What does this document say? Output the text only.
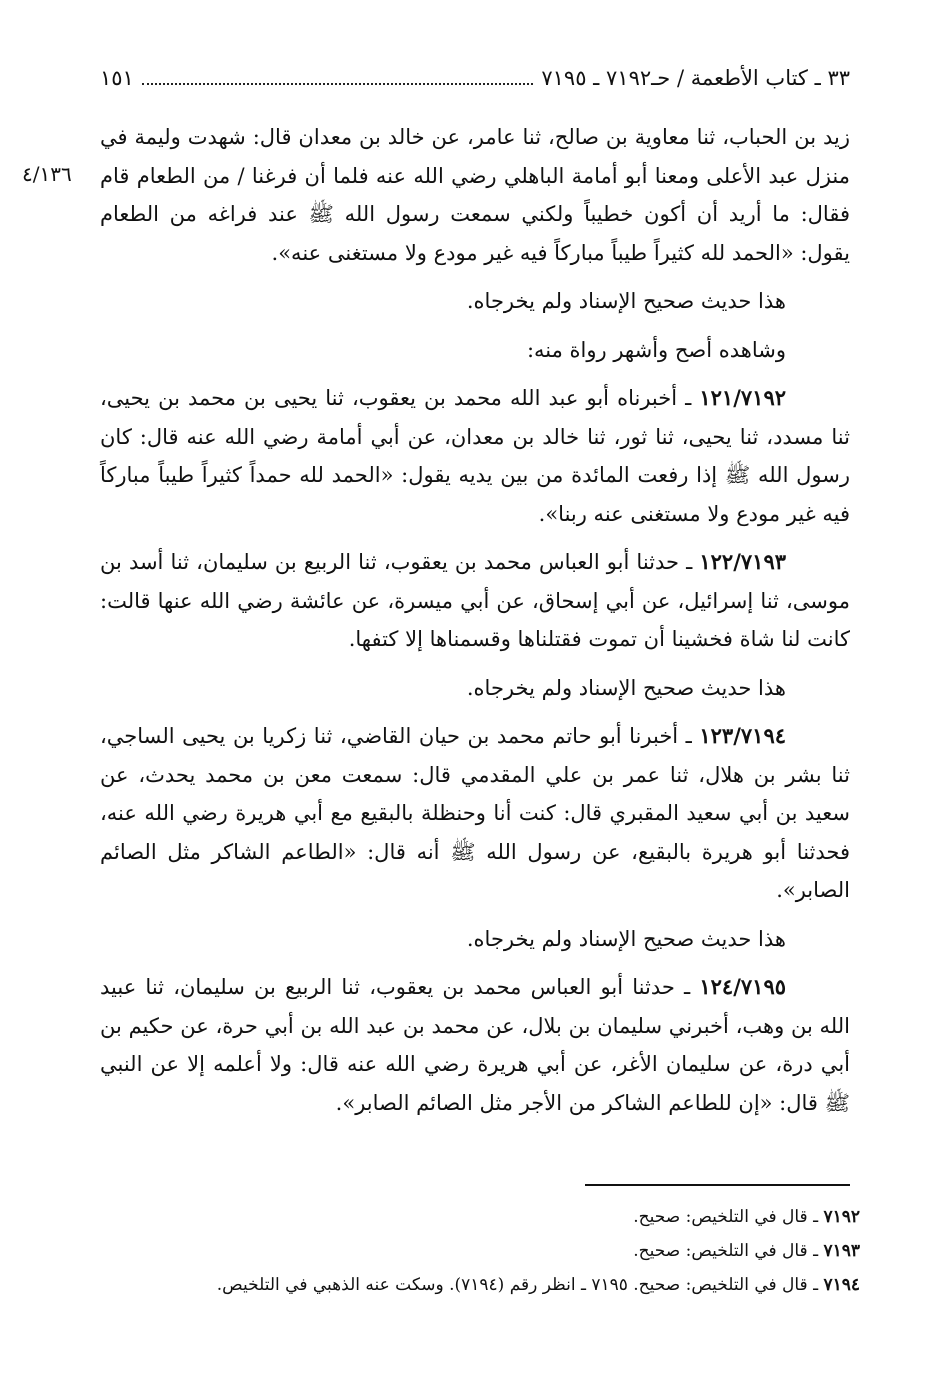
٣٣ ـ كتاب الأطعمة / حـ٧١٩٢ ـ ٧١٩٥
١٥١
٤/١٣٦

زيد بن الحباب، ثنا معاوية بن صالح، ثنا عامر، عن خالد بن معدان قال: شهدت وليمة في منزل عبد الأعلى ومعنا أبو أمامة الباهلي رضي الله عنه فلما أن فرغنا / من الطعام قام فقال: ما أريد أن أكون خطيباً ولكني سمعت رسول الله ﷺ عند فراغه من الطعام يقول: «الحمد لله كثيراً طيباً مباركاً فيه غير مودع ولا مستغنى عنه».

هذا حديث صحيح الإسناد ولم يخرجاه.

وشاهده أصح وأشهر رواة منه:

١٢١/٧١٩٢ ـ أخبرناه أبو عبد الله محمد بن يعقوب، ثنا يحيى بن محمد بن يحيى، ثنا مسدد، ثنا يحيى، ثنا ثور، ثنا خالد بن معدان، عن أبي أمامة رضي الله عنه قال: كان رسول الله ﷺ إذا رفعت المائدة من بين يديه يقول: «الحمد لله حمداً كثيراً طيباً مباركاً فيه غير مودع ولا مستغنى عنه ربنا».

١٢٢/٧١٩٣ ـ حدثنا أبو العباس محمد بن يعقوب، ثنا الربيع بن سليمان، ثنا أسد بن موسى، ثنا إسرائيل، عن أبي إسحاق، عن أبي ميسرة، عن عائشة رضي الله عنها قالت: كانت لنا شاة فخشينا أن تموت فقتلناها وقسمناها إلا كتفها.

هذا حديث صحيح الإسناد ولم يخرجاه.

١٢٣/٧١٩٤ ـ أخبرنا أبو حاتم محمد بن حيان القاضي، ثنا زكريا بن يحيى الساجي، ثنا بشر بن هلال، ثنا عمر بن علي المقدمي قال: سمعت معن بن محمد يحدث، عن سعيد بن أبي سعيد المقبري قال: كنت أنا وحنظلة بالبقيع مع أبي هريرة رضي الله عنه، فحدثنا أبو هريرة بالبقيع، عن رسول الله ﷺ أنه قال: «الطاعم الشاكر مثل الصائم الصابر».

هذا حديث صحيح الإسناد ولم يخرجاه.

١٢٤/٧١٩٥ ـ حدثنا أبو العباس محمد بن يعقوب، ثنا الربيع بن سليمان، ثنا عبيد الله بن وهب، أخبرني سليمان بن بلال، عن محمد بن عبد الله بن أبي حرة، عن حكيم بن أبي درة، عن سليمان الأغر، عن أبي هريرة رضي الله عنه قال: ولا أعلمه إلا عن النبي ﷺ قال: «إن للطاعم الشاكر من الأجر مثل الصائم الصابر».

٧١٩٢ ـ قال في التلخيص: صحيح.
٧١٩٣ ـ قال في التلخيص: صحيح.
٧١٩٤ ـ قال في التلخيص: صحيح. ٧١٩٥ ـ انظر رقم (٧١٩٤). وسكت عنه الذهبي في التلخيص.
